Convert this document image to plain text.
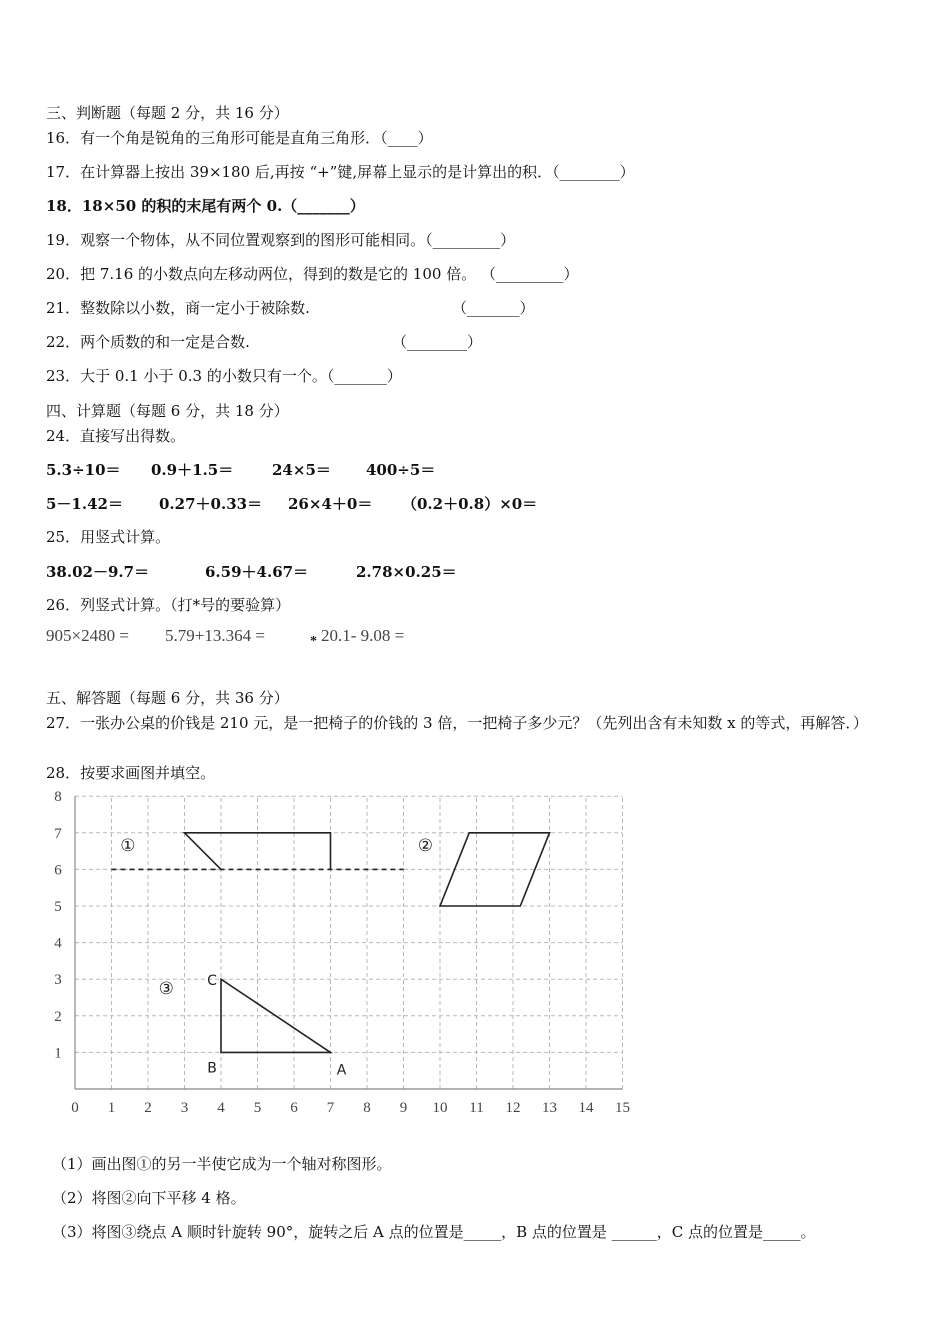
三、判断题（每题 2 分，共 16 分）
16．有一个角是锐角的三角形可能是直角三角形．（____）
17．在计算器上按出 39×180 后,再按 “+”键,屏幕上显示的是计算出的积．（________）
18．18×50 的积的末尾有两个 0.（_______）
19．观察一个物体，从不同位置观察到的图形可能相同。（_________）
20．把 7.16 的小数点向左移动两位，得到的数是它的 100 倍。 （_________）
21．整数除以小数，商一定小于被除数.	（_______）
22．两个质数的和一定是合数.	（________）
23．大于 0.1 小于 0.3 的小数只有一个。（_______）
四、计算题（每题 6 分，共 18 分）
24．直接写出得数。
5.3÷10＝ 0.9＋1.5＝	24×5＝ 400÷5＝
5－1.42＝ 0.27＋0.33＝ 26×4＋0＝ （0.2＋0.8）×0＝
25．用竖式计算。
38.02－9.7＝	6.59＋4.67＝	2.78×0.25＝
26．列竖式计算。（打*号的要验算）
905×2480 = 5.79+13.364 =	* 20.1- 9.08 =
五、解答题（每题 6 分，共 36 分）
27．一张办公桌的价钱是 210 元，是一把椅子的价钱的 3 倍，一把椅子多少元？（先列出含有未知数 x 的等式，再解答．）
28．按要求画图并填空。
0 1 2 3 4 5 6 7 8 9 10 11 12 13 14 15
1
2
3
4
5
6
7
8
①	②
③ C
B	A
（1）画出图①的另一半使它成为一个轴对称图形。
（2）将图②向下平移 4 格。
（3）将图③绕点 A 顺时针旋转 90°，旋转之后 A 点的位置是_____，B 点的位置是 ______，C 点的位置是_____。
